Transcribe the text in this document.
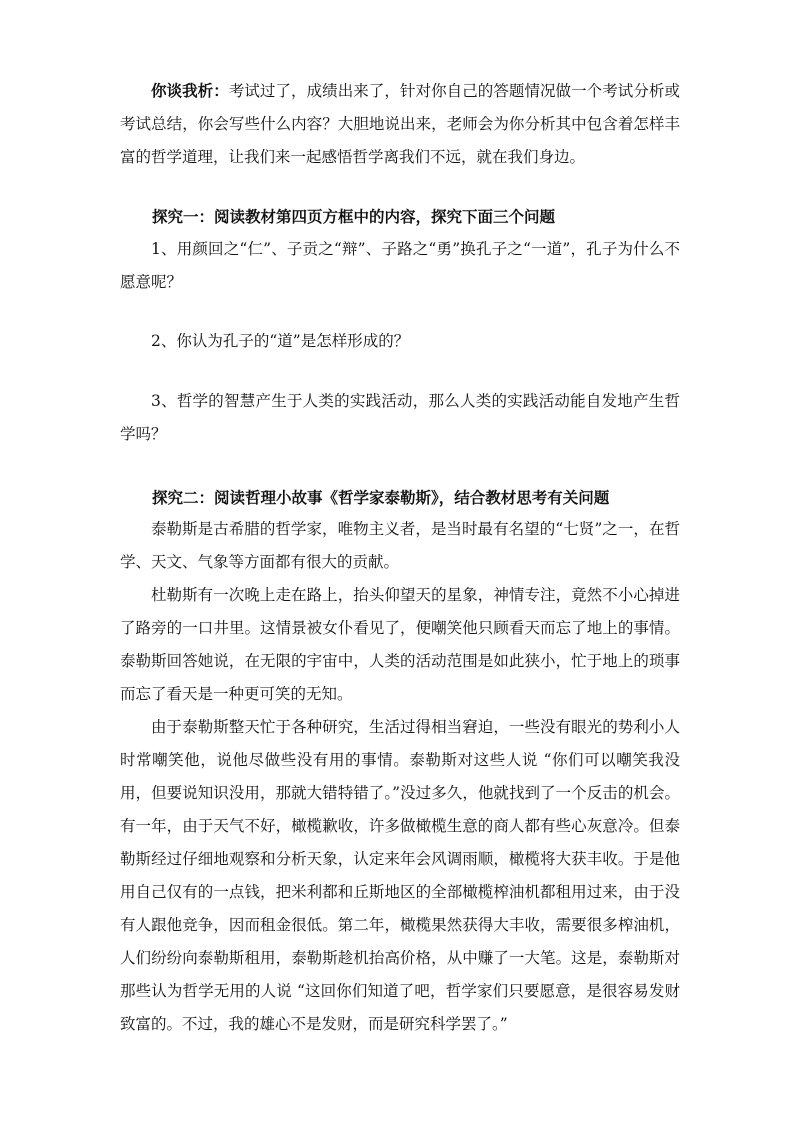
你谈我析：考试过了，成绩出来了，针对你自己的答题情况做一个考试分析或考试总结，你会写些什么内容？大胆地说出来，老师会为你分析其中包含着怎样丰富的哲学道理，让我们来一起感悟哲学离我们不远，就在我们身边。

探究一：阅读教材第四页方框中的内容，探究下面三个问题

1、用颜回之“仁”、子贡之“辩”、子路之“勇”换孔子之“一道”，孔子为什么不愿意呢？

2、你认为孔子的“道”是怎样形成的？

3、哲学的智慧产生于人类的实践活动，那么人类的实践活动能自发地产生哲学吗？

探究二：阅读哲理小故事《哲学家泰勒斯》，结合教材思考有关问题

泰勒斯是古希腊的哲学家，唯物主义者，是当时最有名望的“七贤”之一，在哲学、天文、气象等方面都有很大的贡献。

杜勒斯有一次晚上走在路上，抬头仰望天的星象，神情专注，竟然不小心掉进了路旁的一口井里。这情景被女仆看见了，便嘲笑他只顾看天而忘了地上的事情。泰勒斯回答她说，在无限的宇宙中，人类的活动范围是如此狭小，忙于地上的琐事而忘了看天是一种更可笑的无知。

由于泰勒斯整天忙于各种研究，生活过得相当窘迫，一些没有眼光的势利小人时常嘲笑他，说他尽做些没有用的事情。泰勒斯对这些人说 “你们可以嘲笑我没用，但要说知识没用，那就大错特错了。”没过多久，他就找到了一个反击的机会。有一年，由于天气不好，橄榄歉收，许多做橄榄生意的商人都有些心灰意冷。但泰勒斯经过仔细地观察和分析天象，认定来年会风调雨顺，橄榄将大获丰收。于是他用自己仅有的一点钱，把米利都和丘斯地区的全部橄榄榨油机都租用过来，由于没有人跟他竞争，因而租金很低。第二年，橄榄果然获得大丰收，需要很多榨油机，人们纷纷向泰勒斯租用，泰勒斯趁机抬高价格，从中赚了一大笔。这是，泰勒斯对那些认为哲学无用的人说 “这回你们知道了吧，哲学家们只要愿意，是很容易发财致富的。不过，我的雄心不是发财，而是研究科学罢了。”
